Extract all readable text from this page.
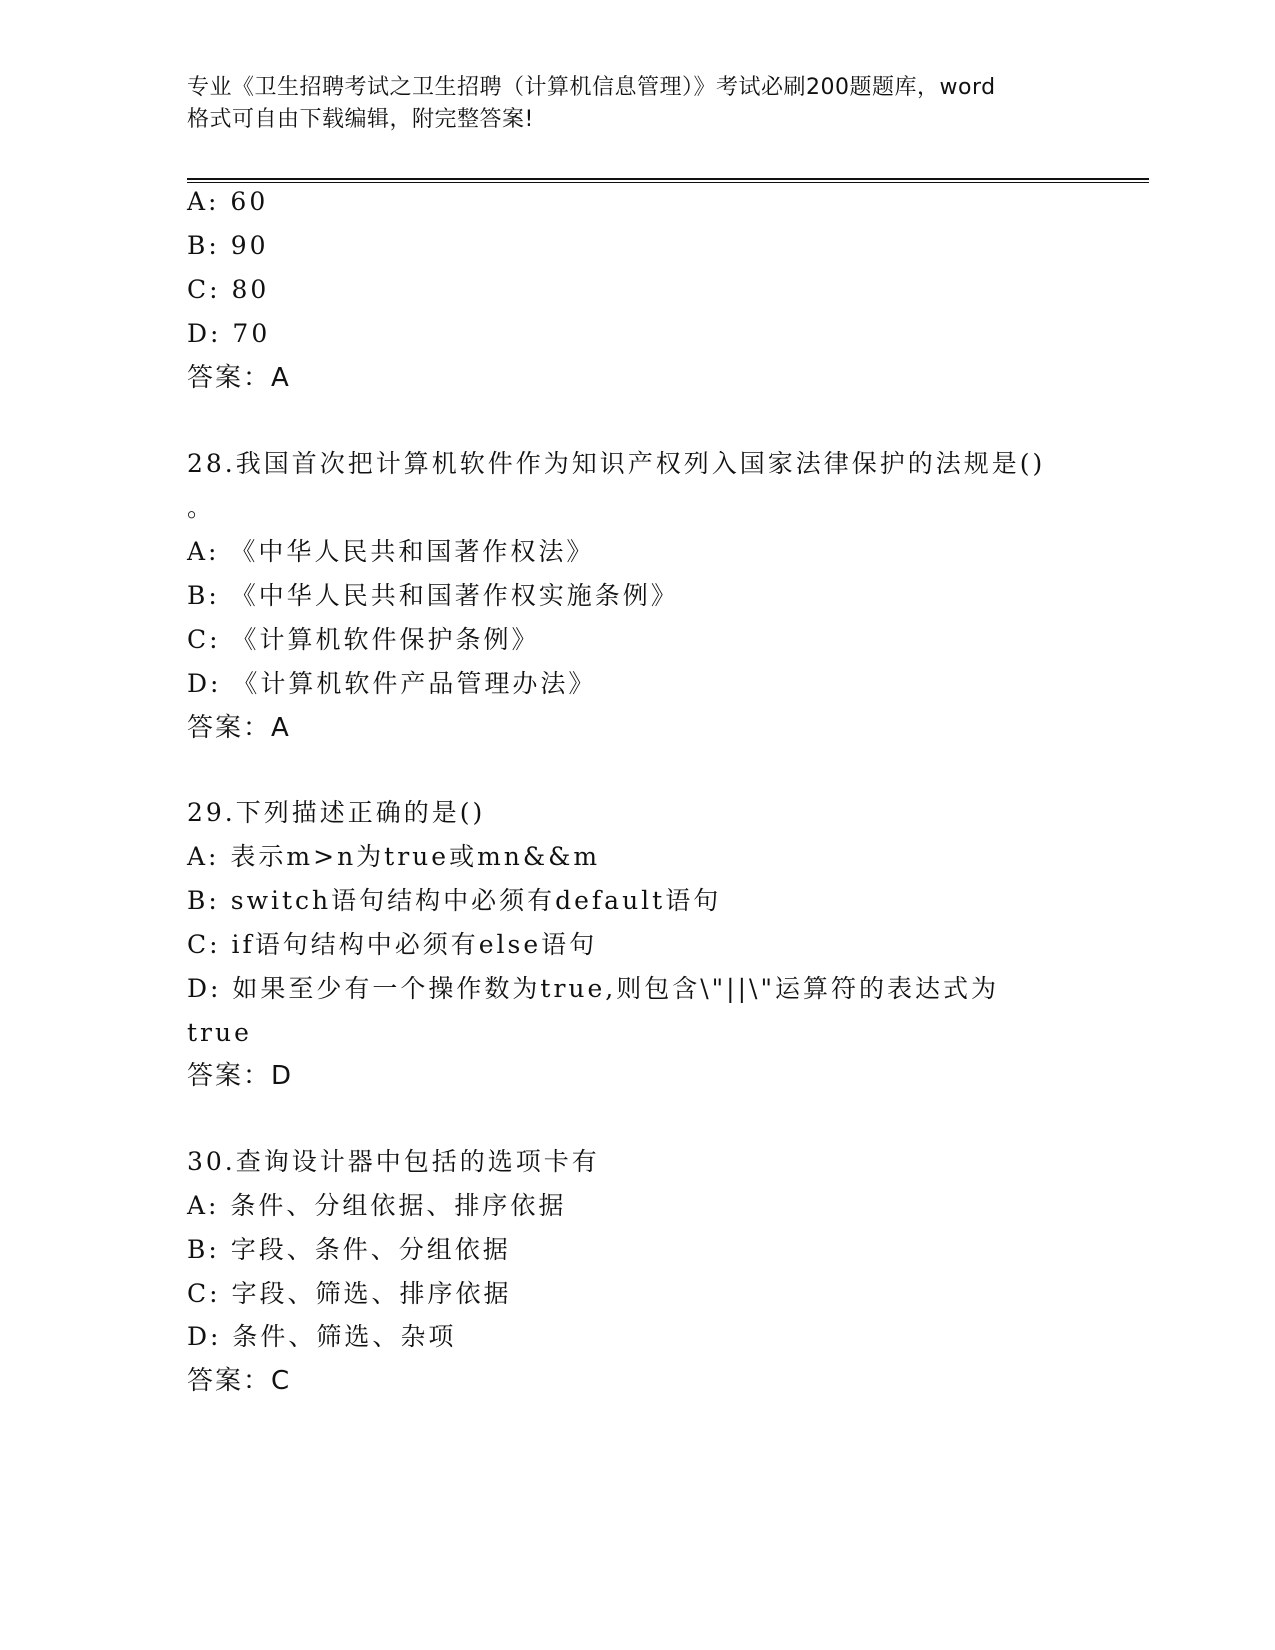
专业《卫生招聘考试之卫生招聘（计算机信息管理）》考试必刷200题题库，word
格式可自由下载编辑，附完整答案!
A: 60
B: 90
C: 80
D: 70
答案：A
28.我国首次把计算机软件作为知识产权列入国家法律保护的法规是()
。
A: 《中华人民共和国著作权法》
B: 《中华人民共和国著作权实施条例》
C: 《计算机软件保护条例》
D: 《计算机软件产品管理办法》
答案：A
29.下列描述正确的是()
A: 表示m>n为true或mn&&m
B: switch语句结构中必须有default语句
C: if语句结构中必须有else语句
D: 如果至少有一个操作数为true,则包含\"||\"运算符的表达式为
true
答案：D
30.查询设计器中包括的选项卡有
A: 条件、分组依据、排序依据
B: 字段、条件、分组依据
C: 字段、筛选、排序依据
D: 条件、筛选、杂项
答案：C
